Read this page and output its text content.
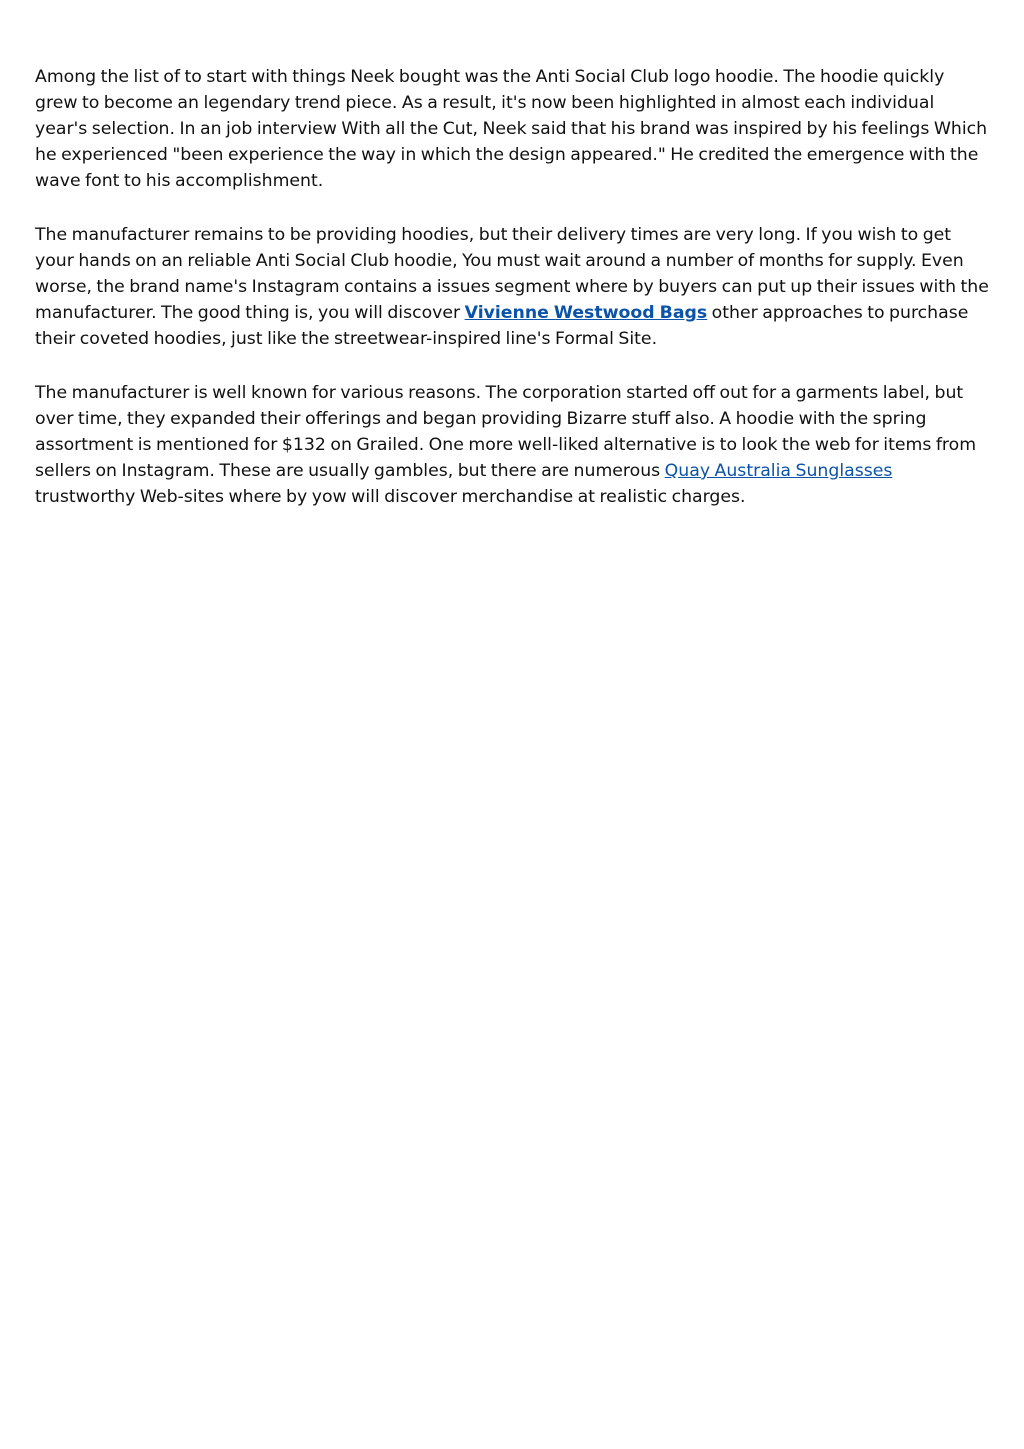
Among the list of to start with things Neek bought was the Anti Social Club logo hoodie. The hoodie quickly grew to become an legendary trend piece. As a result, it's now been highlighted in almost each individual year's selection. In an job interview With all the Cut, Neek said that his brand was inspired by his feelings Which he experienced "been experience the way in which the design appeared." He credited the emergence with the wave font to his accomplishment.

The manufacturer remains to be providing hoodies, but their delivery times are very long. If you wish to get your hands on an reliable Anti Social Club hoodie, You must wait around a number of months for supply. Even worse, the brand name's Instagram contains a issues segment where by buyers can put up their issues with the manufacturer. The good thing is, you will discover Vivienne Westwood Bags other approaches to purchase their coveted hoodies, just like the streetwear-inspired line's Formal Site.

The manufacturer is well known for various reasons. The corporation started off out for a garments label, but over time, they expanded their offerings and began providing Bizarre stuff also. A hoodie with the spring assortment is mentioned for $132 on Grailed. One more well-liked alternative is to look the web for items from sellers on Instagram. These are usually gambles, but there are numerous Quay Australia Sunglasses trustworthy Web-sites where by yow will discover merchandise at realistic charges.
